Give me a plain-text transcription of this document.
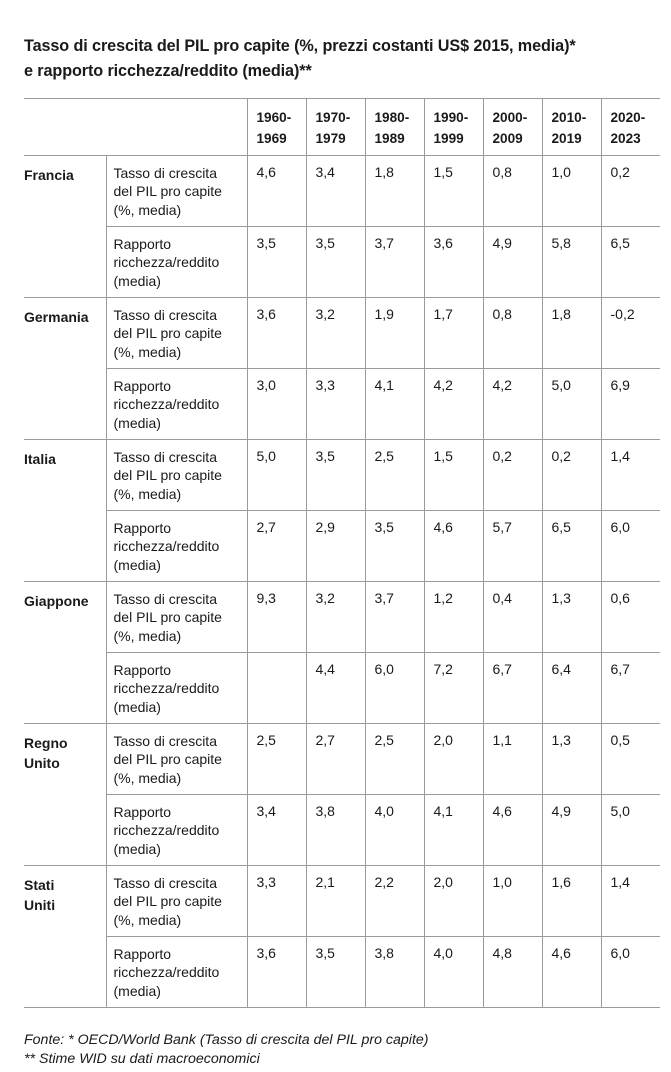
Tasso di crescita del PIL pro capite (%, prezzi costanti US$ 2015, media)*
e rapporto ricchezza/reddito (media)**
		1960-
1969	1970-
1979	1980-
1989	1990-
1999	2000-
2009	2010-
2019	2020-
2023
Francia	Tasso di crescita
del PIL pro capite
(%, media)	4,6	3,4	1,8	1,5	0,8	1,0	0,2
	Rapporto
ricchezza/reddito
(media)	3,5	3,5	3,7	3,6	4,9	5,8	6,5
Germania	Tasso di crescita
del PIL pro capite
(%, media)	3,6	3,2	1,9	1,7	0,8	1,8	-0,2
	Rapporto
ricchezza/reddito
(media)	3,0	3,3	4,1	4,2	4,2	5,0	6,9
Italia	Tasso di crescita
del PIL pro capite
(%, media)	5,0	3,5	2,5	1,5	0,2	0,2	1,4
	Rapporto
ricchezza/reddito
(media)	2,7	2,9	3,5	4,6	5,7	6,5	6,0
Giappone	Tasso di crescita
del PIL pro capite
(%, media)	9,3	3,2	3,7	1,2	0,4	1,3	0,6
	Rapporto
ricchezza/reddito
(media)		4,4	6,0	7,2	6,7	6,4	6,7
Regno
Unito	Tasso di crescita
del PIL pro capite
(%, media)	2,5	2,7	2,5	2,0	1,1	1,3	0,5
	Rapporto
ricchezza/reddito
(media)	3,4	3,8	4,0	4,1	4,6	4,9	5,0
Stati
Uniti	Tasso di crescita
del PIL pro capite
(%, media)	3,3	2,1	2,2	2,0	1,0	1,6	1,4
	Rapporto
ricchezza/reddito
(media)	3,6	3,5	3,8	4,0	4,8	4,6	6,0
Fonte: * OECD/World Bank (Tasso di crescita del PIL pro capite)
** Stime WID su dati macroeconomici
